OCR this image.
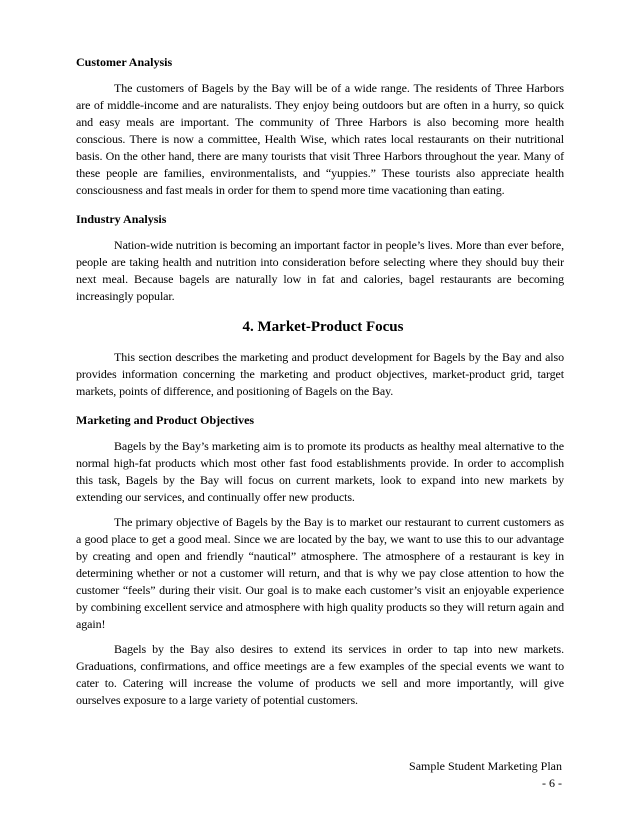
Customer Analysis

The customers of Bagels by the Bay will be of a wide range. The residents of Three Harbors are of middle-income and are naturalists. They enjoy being outdoors but are often in a hurry, so quick and easy meals are important. The community of Three Harbors is also becoming more health conscious. There is now a committee, Health Wise, which rates local restaurants on their nutritional basis. On the other hand, there are many tourists that visit Three Harbors throughout the year. Many of these people are families, environmentalists, and “yuppies.” These tourists also appreciate health consciousness and fast meals in order for them to spend more time vacationing than eating.

Industry Analysis

Nation-wide nutrition is becoming an important factor in people’s lives. More than ever before, people are taking health and nutrition into consideration before selecting where they should buy their next meal. Because bagels are naturally low in fat and calories, bagel restaurants are becoming increasingly popular.

4. Market-Product Focus

This section describes the marketing and product development for Bagels by the Bay and also provides information concerning the marketing and product objectives, market-product grid, target markets, points of difference, and positioning of Bagels on the Bay.

Marketing and Product Objectives

Bagels by the Bay’s marketing aim is to promote its products as healthy meal alternative to the normal high-fat products which most other fast food establishments provide. In order to accomplish this task, Bagels by the Bay will focus on current markets, look to expand into new markets by extending our services, and continually offer new products.

The primary objective of Bagels by the Bay is to market our restaurant to current customers as a good place to get a good meal. Since we are located by the bay, we want to use this to our advantage by creating and open and friendly “nautical” atmosphere. The atmosphere of a restaurant is key in determining whether or not a customer will return, and that is why we pay close attention to how the customer “feels” during their visit. Our goal is to make each customer’s visit an enjoyable experience by combining excellent service and atmosphere with high quality products so they will return again and again!

Bagels by the Bay also desires to extend its services in order to tap into new markets. Graduations, confirmations, and office meetings are a few examples of the special events we want to cater to. Catering will increase the volume of products we sell and more importantly, will give ourselves exposure to a large variety of potential customers.

Sample Student Marketing Plan
- 6 -
